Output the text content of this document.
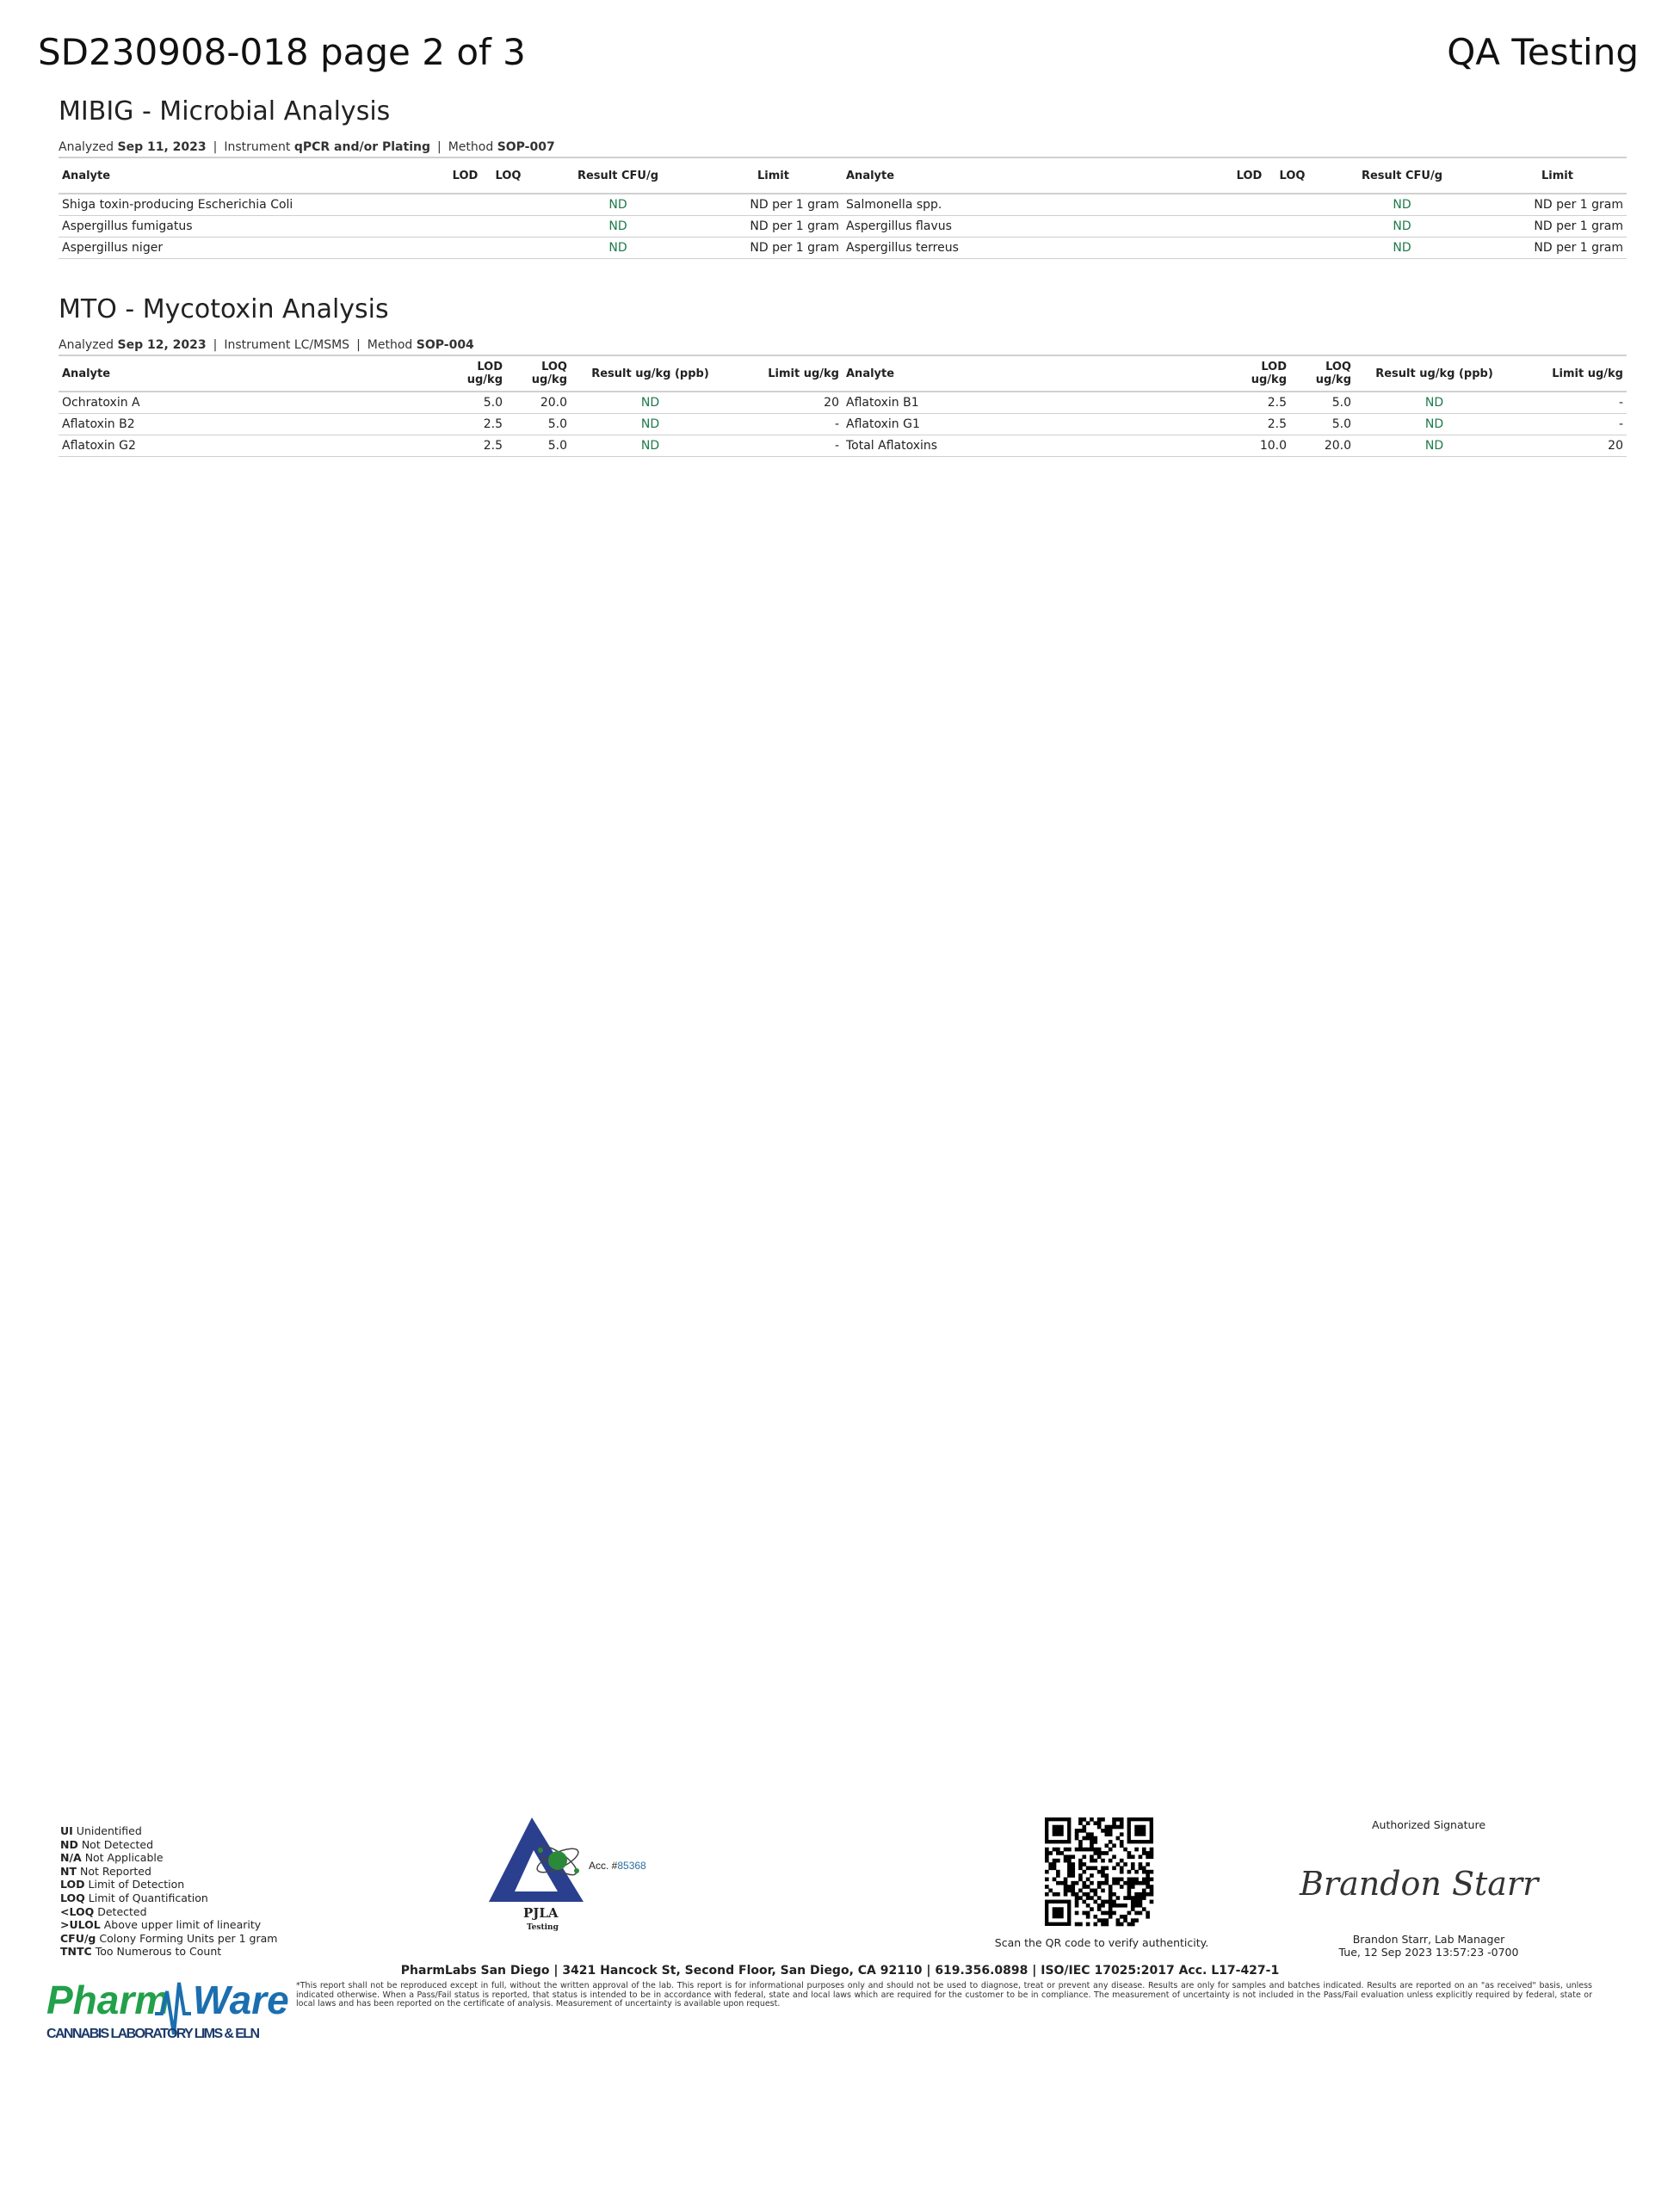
SD230908-018 page 2 of 3	QA Testing
MIBIG - Microbial Analysis
Analyzed Sep 11, 2023 | Instrument qPCR and/or Plating | Method SOP-007
Analyte	LOD	LOQ	Result CFU/g	Limit
Shiga toxin-producing Escherichia Coli			ND	ND per 1 gram
Aspergillus fumigatus			ND	ND per 1 gram
Aspergillus niger			ND	ND per 1 gram
Analyte	LOD	LOQ	Result CFU/g	Limit
Salmonella spp.			ND	ND per 1 gram
Aspergillus flavus			ND	ND per 1 gram
Aspergillus terreus			ND	ND per 1 gram
MTO - Mycotoxin Analysis
Analyzed Sep 12, 2023 | Instrument LC/MSMS | Method SOP-004
Analyte	LOD ug/kg	LOQ ug/kg	Result ug/kg (ppb)	Limit ug/kg
Ochratoxin A	5.0	20.0	ND	20
Aflatoxin B2	2.5	5.0	ND	-
Aflatoxin G2	2.5	5.0	ND	-
Analyte	LOD ug/kg	LOQ ug/kg	Result ug/kg (ppb)	Limit ug/kg
Aflatoxin B1	2.5	5.0	ND	-
Aflatoxin G1	2.5	5.0	ND	-
Total Aflatoxins	10.0	20.0	ND	20
UI Unidentified
ND Not Detected
N/A Not Applicable
NT Not Reported
LOD Limit of Detection
LOQ Limit of Quantification
<LOQ Detected
>ULOL Above upper limit of linearity
CFU/g Colony Forming Units per 1 gram
TNTC Too Numerous to Count
PJLA
Testing
Acc. #85368
Scan the QR code to verify authenticity.
Authorized Signature
Brandon Starr
Brandon Starr, Lab Manager
Tue, 12 Sep 2023 13:57:23 -0700
PharmLabs San Diego | 3421 Hancock St, Second Floor, San Diego, CA 92110 | 619.356.0898 | ISO/IEC 17025:2017 Acc. L17-427-1
*This report shall not be reproduced except in full, without the written approval of the lab. This report is for informational purposes only and should not be used to diagnose, treat or prevent any disease. Results are only for samples and batches indicated. Results are reported on an "as received" basis, unless indicated otherwise. When a Pass/Fail status is reported, that status is intended to be in accordance with federal, state and local laws which are required for the customer to be in compliance. The measurement of uncertainty is not included in the Pass/Fail evaluation unless explicitly required by federal, state or local laws and has been reported on the certificate of analysis. Measurement of uncertainty is available upon request.
Pharm Ware
CANNABIS LABORATORY LIMS & ELN
